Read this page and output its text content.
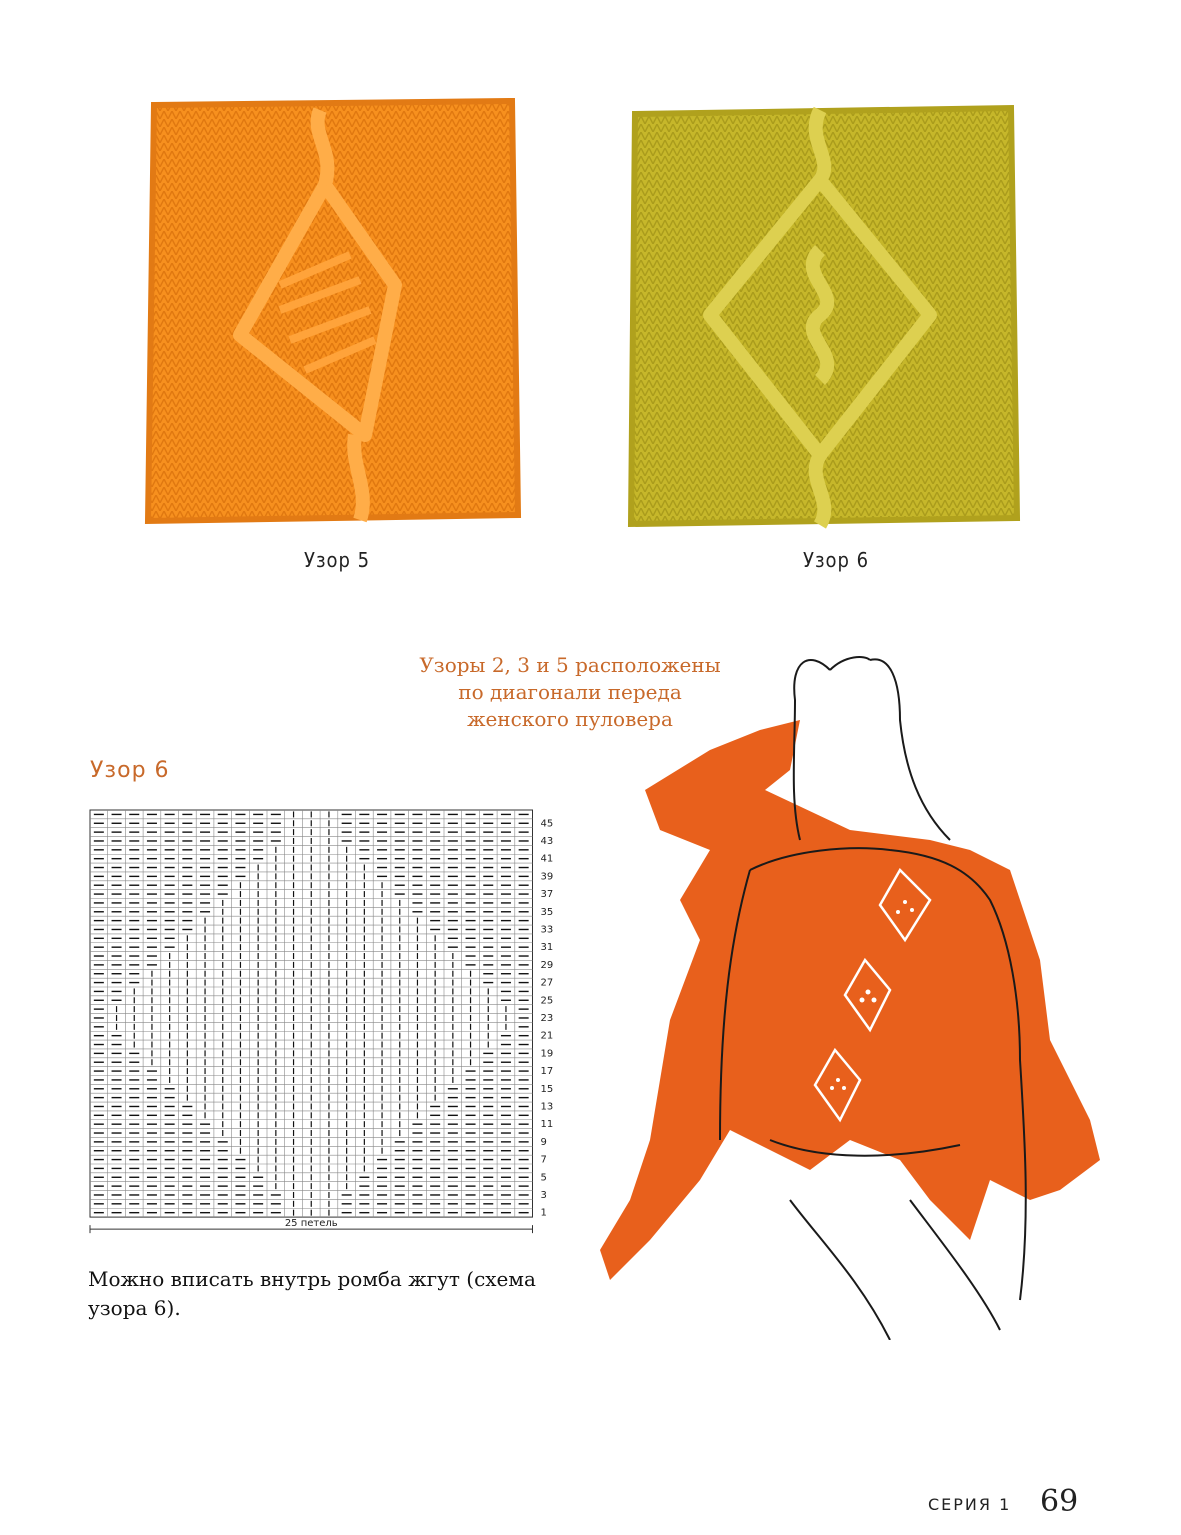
Узор 5	Узор 6
Узоры 2, 3 и 5 расположены
по диагонали переда
женского пуловера
Узор 6
45
43
41
39
37
35
33
31
29
27
25
23
21
19
17
15
13
11
9
7
5
3
1
25 петель
Можно вписать внутрь ромба жгут (схема узора 6).
СЕРИЯ 1 69
